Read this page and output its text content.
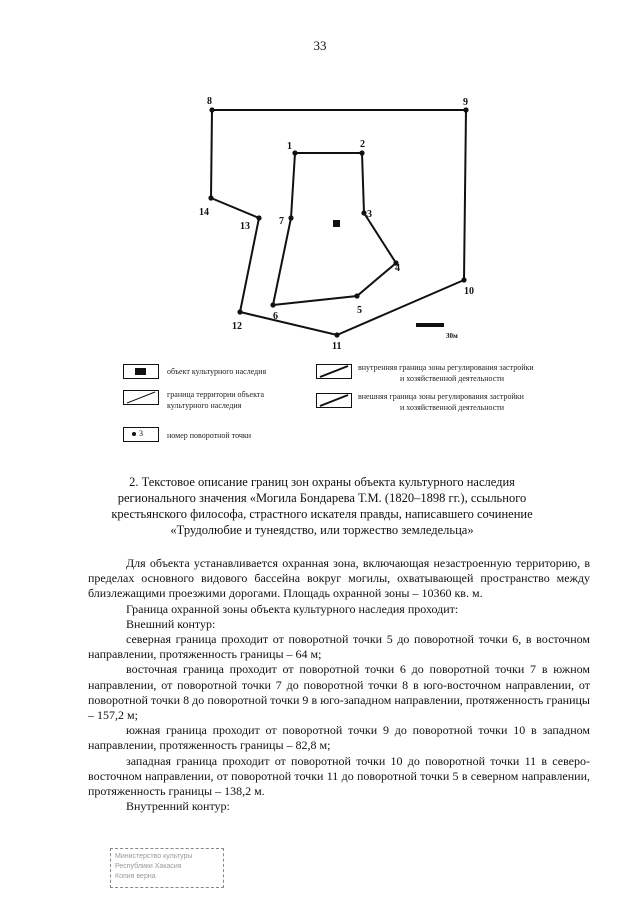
33
1	2
3
4
5
6
7
8	9
10
11
12
13
14
30м
объект культурного наследия
граница территории объекта
культурного наследия
3	номер поворотной точки
внутренняя граница зоны регулирования застройки
и хозяйственной деятельности
внешняя граница зоны регулирования застройки
и хозяйственной деятельности
2. Текстовое описание границ зон охраны объекта культурного наследия
регионального значения «Могила Бондарева Т.М. (1820–1898 гг.), ссыльного
крестьянского философа, страстного искателя правды, написавшего сочинение
«Трудолюбие и тунеядство, или торжество земледельца»

Для объекта устанавливается охранная зона, включающая незастроенную территорию, в пределах основного видового бассейна вокруг могилы, охватывающей пространство между близлежащими проезжими дорогами. Площадь охранной зоны – 10360 кв. м.

Граница охранной зоны объекта культурного наследия проходит:

Внешний контур:

северная граница проходит от поворотной точки 5 до поворотной точки 6, в восточном направлении, протяженность границы – 64 м;

восточная граница проходит от поворотной точки 6 до поворотной точки 7 в южном направлении, от поворотной точки 7 до поворотной точки 8 в юго-восточном направлении, от поворотной точки 8 до поворотной точки 9 в юго-западном направлении, протяженность границы – 157,2 м;

южная граница проходит от поворотной точки 9 до поворотной точки 10 в западном направлении, протяженность границы – 82,8 м;

западная граница проходит от поворотной точки 10 до поворотной точки 11 в северо-восточном направлении, от поворотной точки 11 до поворотной точки 5 в северном направлении, протяженность границы – 138,2 м.

Внутренний контур:

Министерство культуры
Республики Хакасия
Копия верна
